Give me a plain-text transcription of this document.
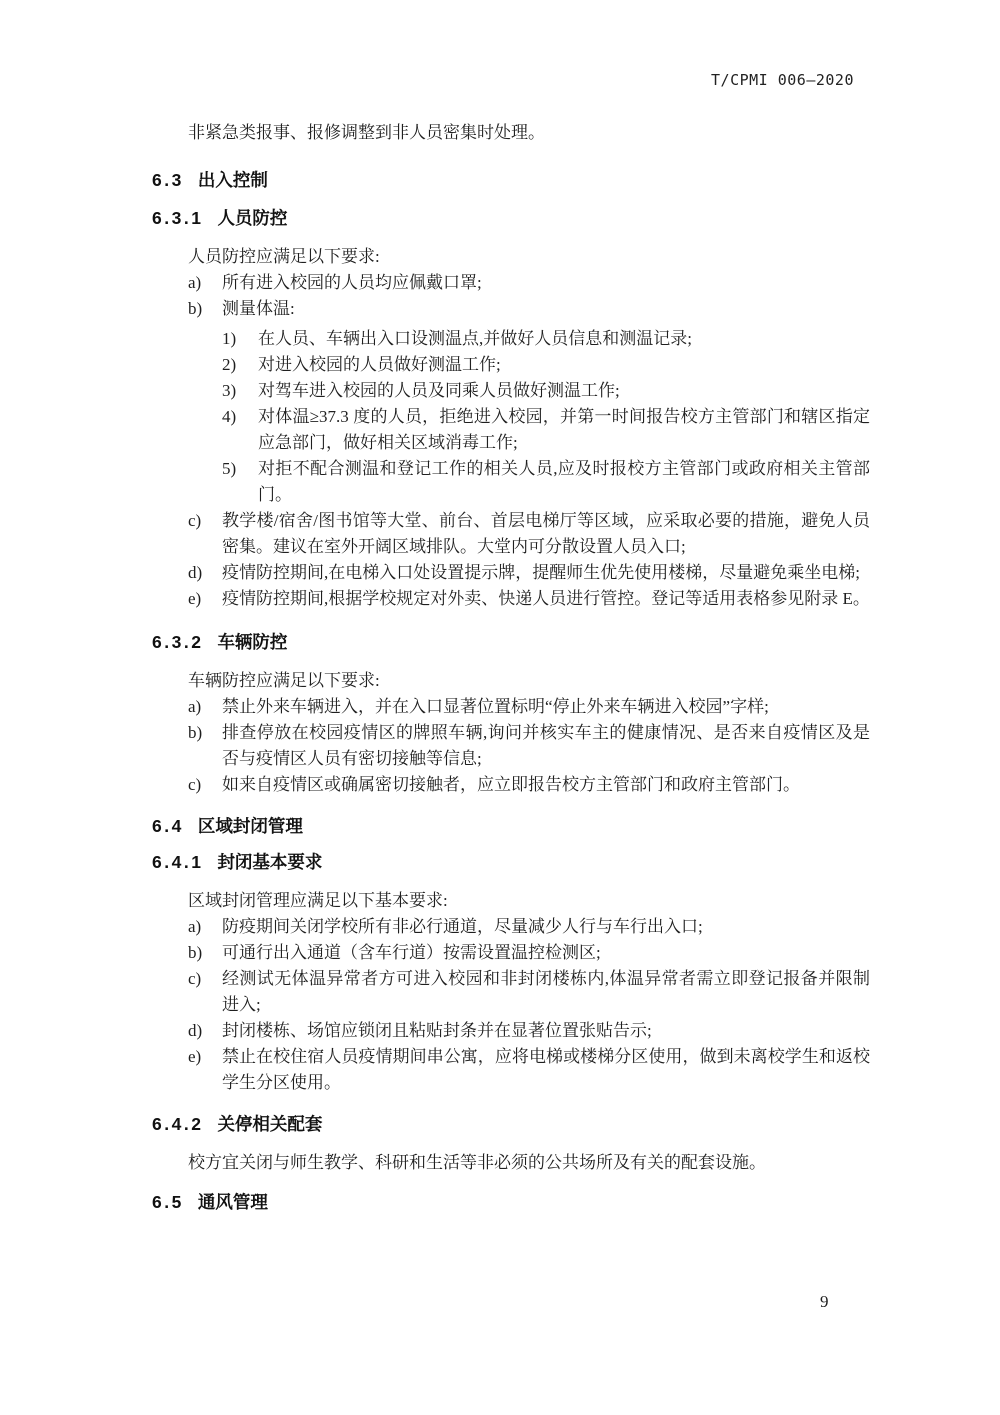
T/CPMI 006—2020
非紧急类报事、报修调整到非人员密集时处理。
6.3 出入控制
6.3.1 人员防控
人员防控应满足以下要求:
a)	所有进入校园的人员均应佩戴口罩;
b)	测量体温:
1)	在人员、车辆出入口设测温点,并做好人员信息和测温记录;
2)	对进入校园的人员做好测温工作;
3)	对驾车进入校园的人员及同乘人员做好测温工作;
4)	对体温≥37.3 度的人员，拒绝进入校园，并第一时间报告校方主管部门和辖区指定应急部门，做好相关区域消毒工作;
5)	对拒不配合测温和登记工作的相关人员,应及时报校方主管部门或政府相关主管部门。
c)	教学楼/宿舍/图书馆等大堂、前台、首层电梯厅等区域，应采取必要的措施，避免人员密集。建议在室外开阔区域排队。大堂内可分散设置人员入口;
d)	疫情防控期间,在电梯入口处设置提示牌，提醒师生优先使用楼梯，尽量避免乘坐电梯;
e)	疫情防控期间,根据学校规定对外卖、快递人员进行管控。登记等适用表格参见附录 E。
6.3.2 车辆防控
车辆防控应满足以下要求:
a)	禁止外来车辆进入，并在入口显著位置标明“停止外来车辆进入校园”字样;
b)	排查停放在校园疫情区的牌照车辆,询问并核实车主的健康情况、是否来自疫情区及是否与疫情区人员有密切接触等信息;
c)	如来自疫情区或确属密切接触者，应立即报告校方主管部门和政府主管部门。
6.4 区域封闭管理
6.4.1 封闭基本要求
区域封闭管理应满足以下基本要求:
a)	防疫期间关闭学校所有非必行通道，尽量减少人行与车行出入口;
b)	可通行出入通道（含车行道）按需设置温控检测区;
c)	经测试无体温异常者方可进入校园和非封闭楼栋内,体温异常者需立即登记报备并限制进入;
d)	封闭楼栋、场馆应锁闭且粘贴封条并在显著位置张贴告示;
e)	禁止在校住宿人员疫情期间串公寓，应将电梯或楼梯分区使用，做到未离校学生和返校学生分区使用。
6.4.2 关停相关配套
校方宜关闭与师生教学、科研和生活等非必须的公共场所及有关的配套设施。
6.5 通风管理
9
